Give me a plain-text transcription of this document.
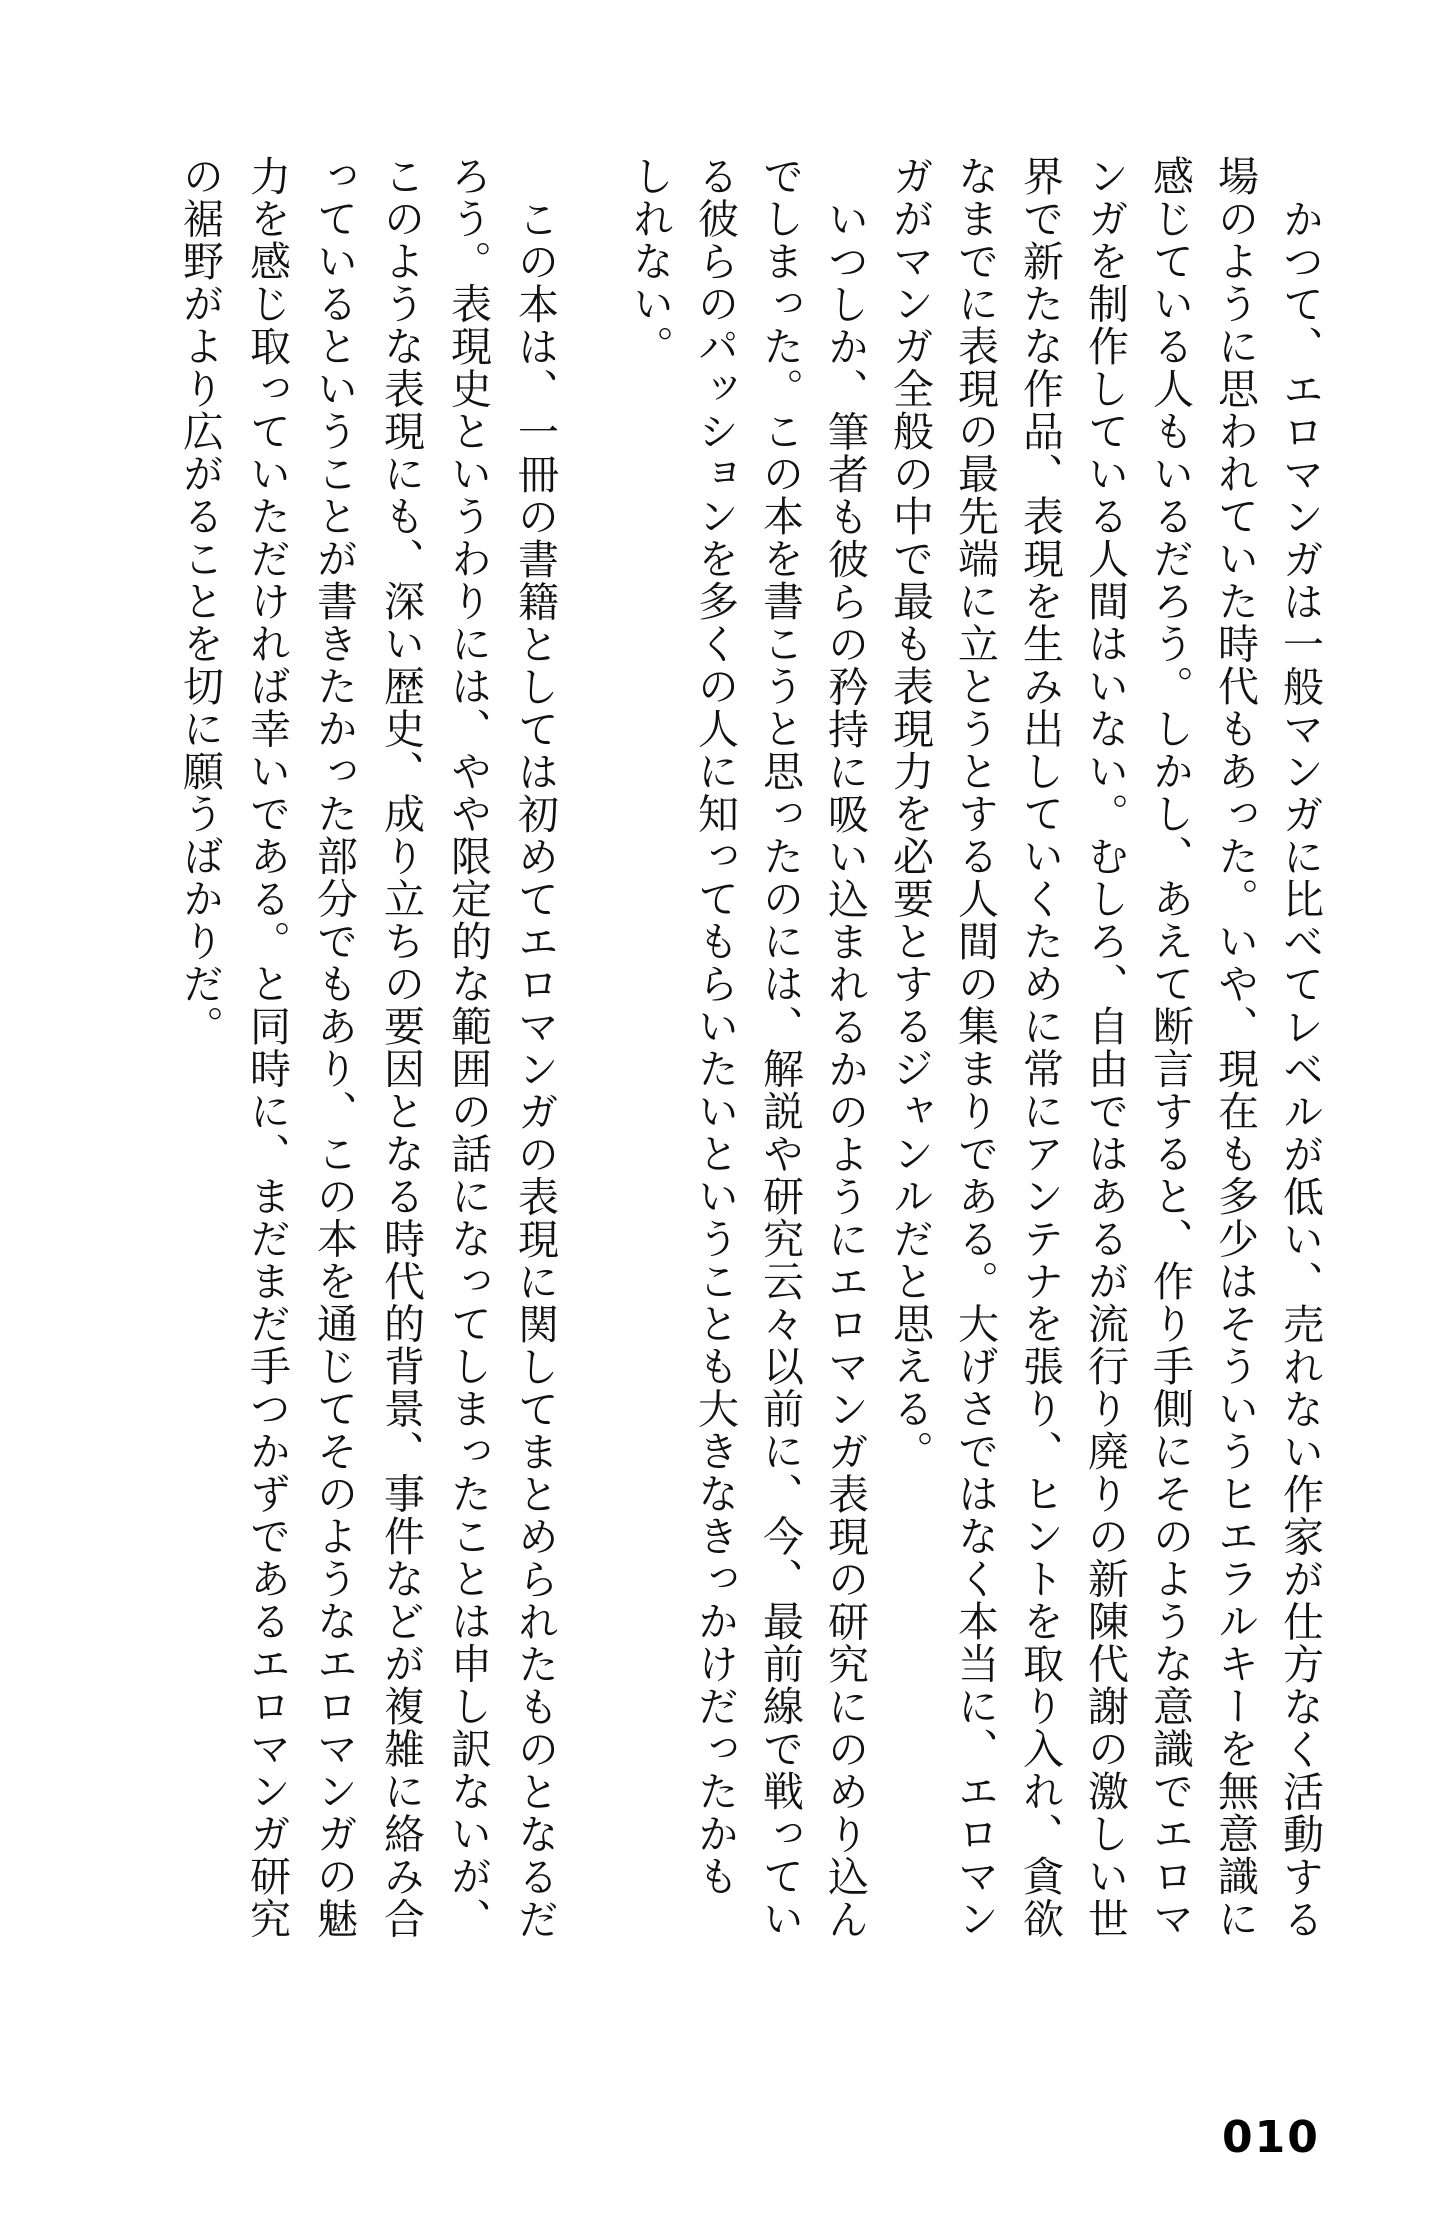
かつて、エロマンガは一般マンガに比べてレベルが低い、売れない作家が仕方なく活動する
場のように思われていた時代もあった。いや、現在も多少はそういうヒエラルキーを無意識に
感じている人もいるだろう。しかし、あえて断言すると、作り手側にそのような意識でエロマ
ンガを制作している人間はいない。むしろ、自由ではあるが流行り廃りの新陳代謝の激しい世
界で新たな作品、表現を生み出していくために常にアンテナを張り、ヒントを取り入れ、貪欲
なまでに表現の最先端に立とうとする人間の集まりである。大げさではなく本当に、エロマン
ガがマンガ全般の中で最も表現力を必要とするジャンルだと思える。
いつしか、筆者も彼らの矜持に吸い込まれるかのようにエロマンガ表現の研究にのめり込ん
でしまった。この本を書こうと思ったのには、解説や研究云々以前に、今、最前線で戦ってい
る彼らのパッションを多くの人に知ってもらいたいということも大きなきっかけだったかも
しれない。
この本は、一冊の書籍としては初めてエロマンガの表現に関してまとめられたものとなるだ
ろう。表現史というわりには、やや限定的な範囲の話になってしまったことは申し訳ないが、
このような表現にも、深い歴史、成り立ちの要因となる時代的背景、事件などが複雑に絡み合
っているということが書きたかった部分でもあり、この本を通じてそのようなエロマンガの魅
力を感じ取っていただければ幸いである。と同時に、まだまだ手つかずであるエロマンガ研究
の裾野がより広がることを切に願うばかりだ。
010
